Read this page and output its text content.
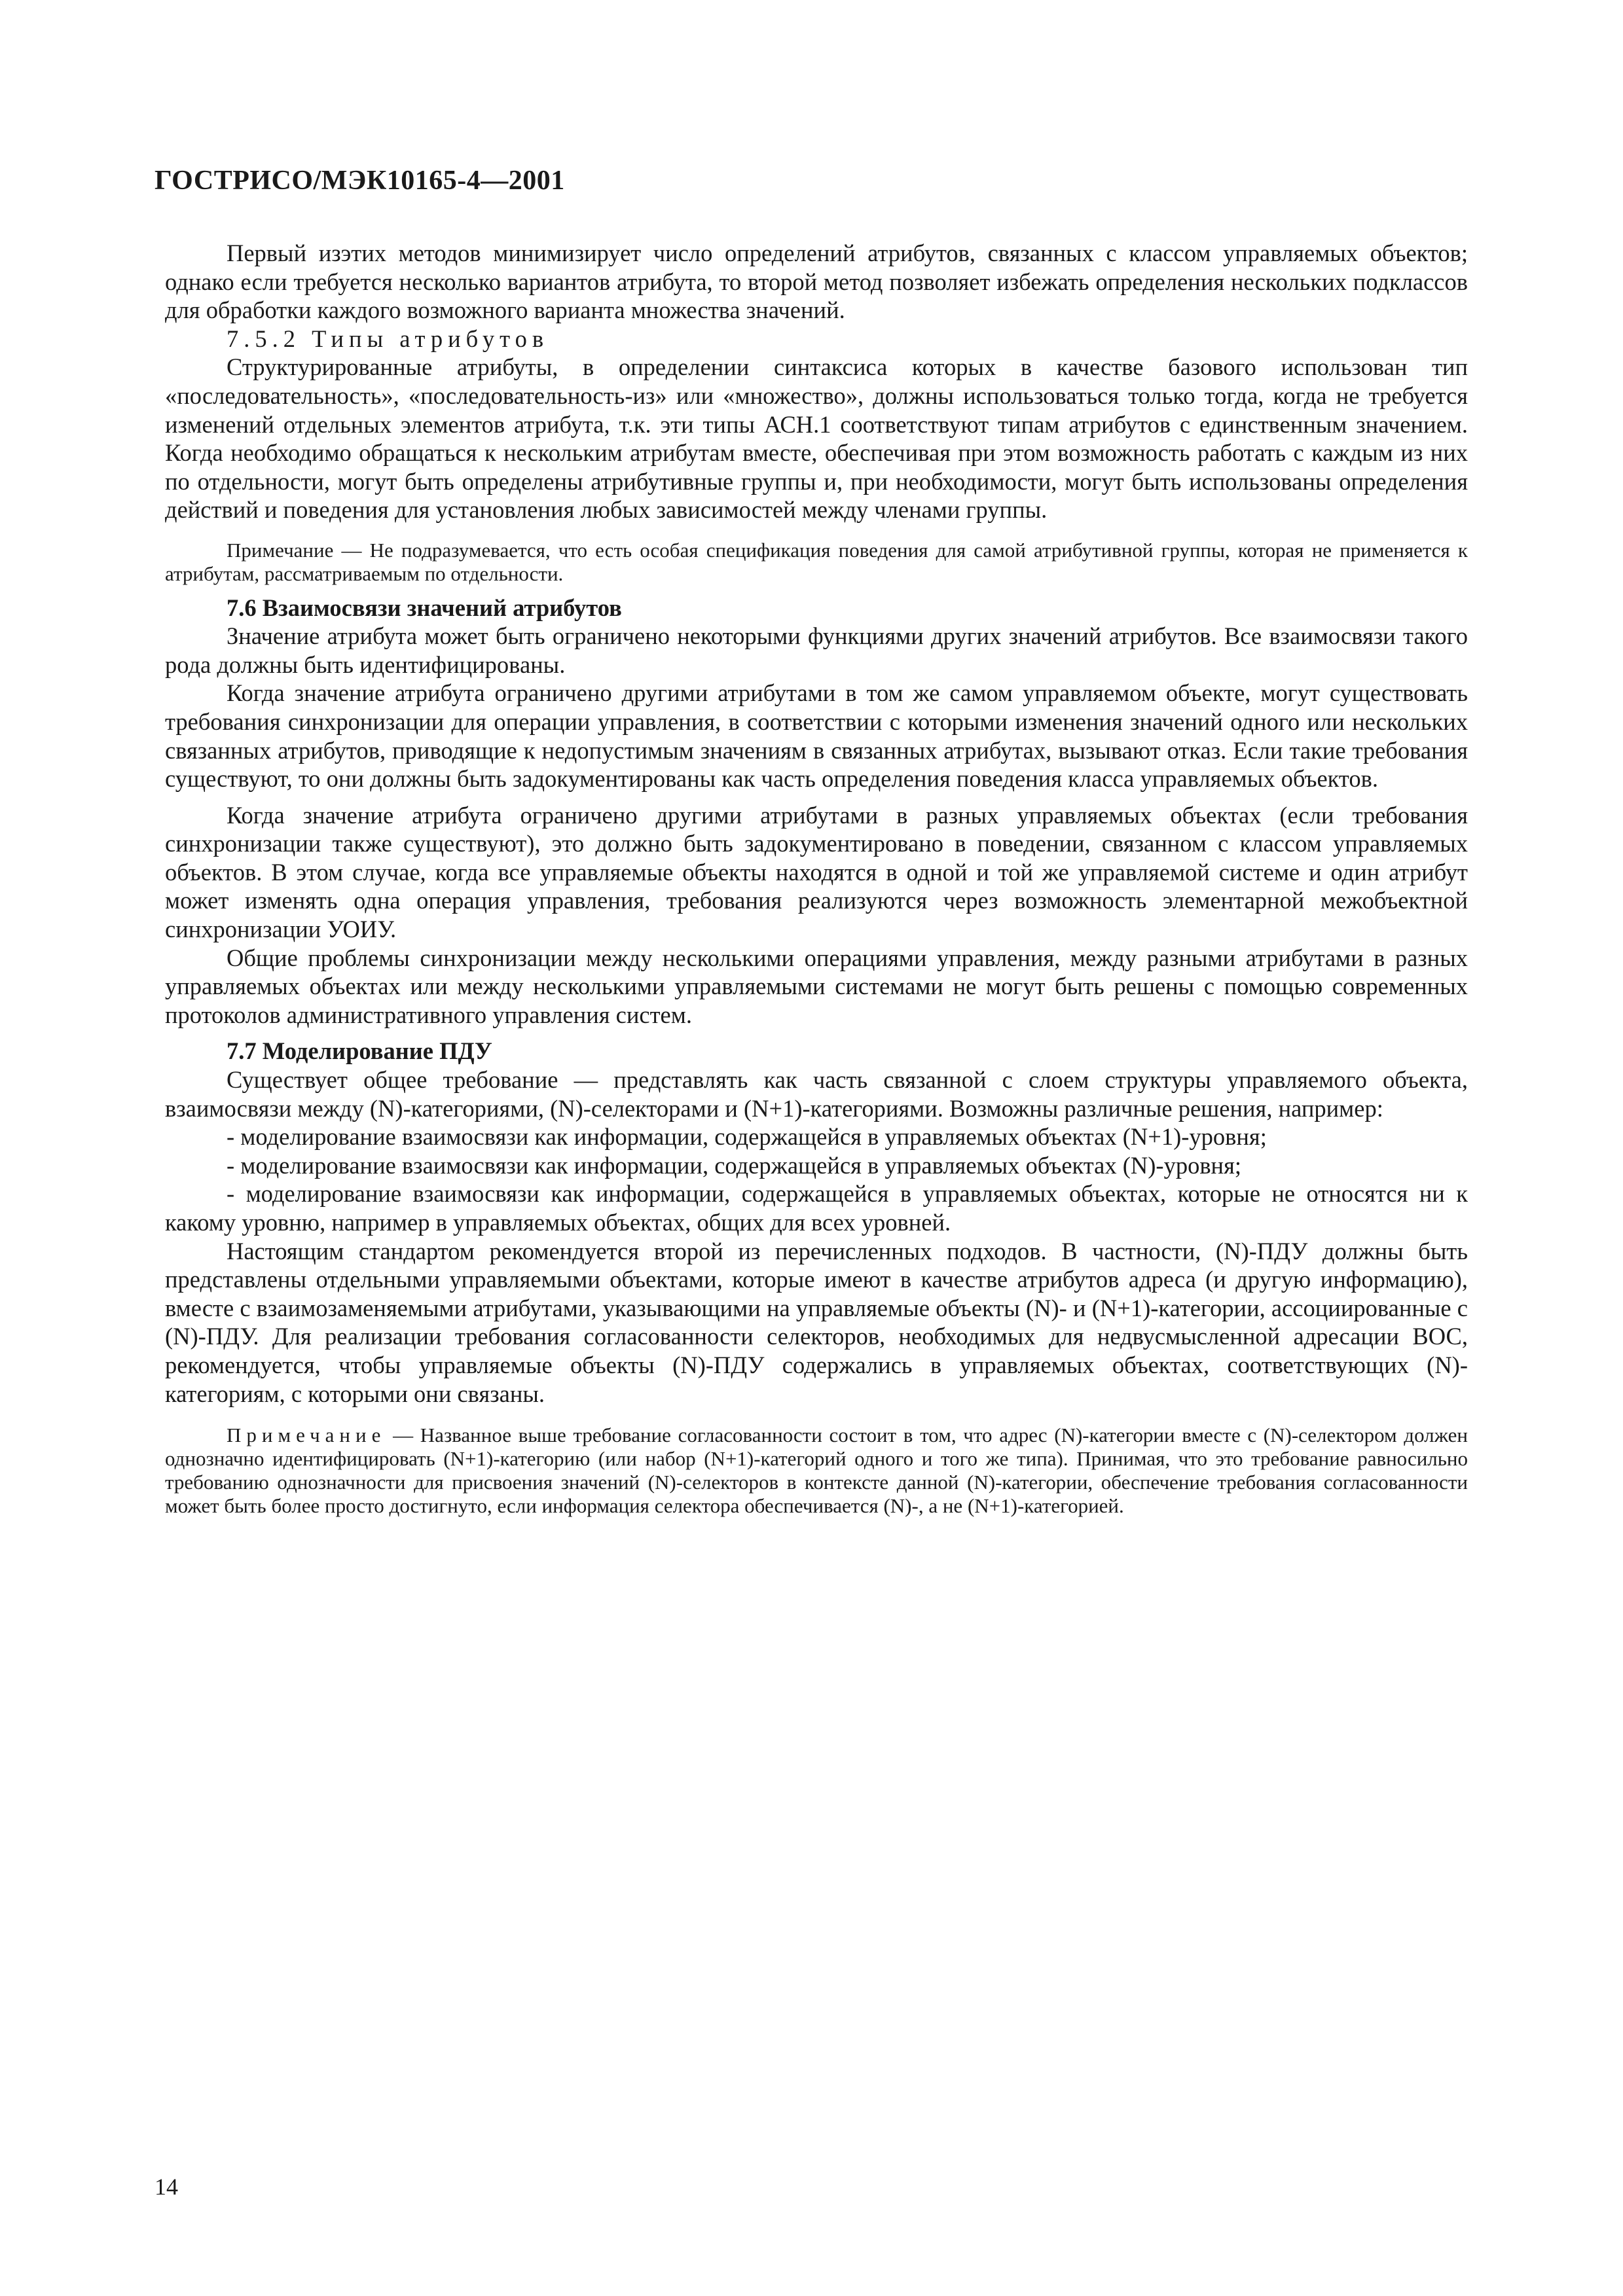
ГОСТРИСО/МЭК10165-4—2001

Первый изэтих методов минимизирует число определений атрибутов, связанных с классом управляемых объектов; однако если требуется несколько вариантов атрибута, то второй метод позволяет избежать определения нескольких подклассов для обработки каждого возможного варианта множества значений.

7.5.2 Типы атрибутов

Структурированные атрибуты, в определении синтаксиса которых в качестве базового использован тип «последовательность», «последовательность-из» или «множество», должны использоваться только тогда, когда не требуется изменений отдельных элементов атрибута, т.к. эти типы АСН.1 соответствуют типам атрибутов с единственным значением. Когда необходимо обращаться к нескольким атрибутам вместе, обеспечивая при этом возможность работать с каждым из них по отдельности, могут быть определены атрибутивные группы и, при необходимости, могут быть использованы определения действий и поведения для установления любых зависимостей между членами группы.

Примечание — Не подразумевается, что есть особая спецификация поведения для самой атрибутивной группы, которая не применяется к атрибутам, рассматриваемым по отдельности.

7.6 Взаимосвязи значений атрибутов

Значение атрибута может быть ограничено некоторыми функциями других значений атрибутов. Все взаимосвязи такого рода должны быть идентифицированы.

Когда значение атрибута ограничено другими атрибутами в том же самом управляемом объекте, могут существовать требования синхронизации для операции управления, в соответствии с которыми изменения значений одного или нескольких связанных атрибутов, приводящие к недопустимым значениям в связанных атрибутах, вызывают отказ. Если такие требования существуют, то они должны быть задокументированы как часть определения поведения класса управляемых объектов.

Когда значение атрибута ограничено другими атрибутами в разных управляемых объектах (если требования синхронизации также существуют), это должно быть задокументировано в поведении, связанном с классом управляемых объектов. В этом случае, когда все управляемые объекты находятся в одной и той же управляемой системе и один атрибут может изменять одна операция управления, требования реализуются через возможность элементарной межобъектной синхронизации УОИУ.

Общие проблемы синхронизации между несколькими операциями управления, между разными атрибутами в разных управляемых объектах или между несколькими управляемыми системами не могут быть решены с помощью современных протоколов административного управления систем.

7.7 Моделирование ПДУ

Существует общее требование — представлять как часть связанной с слоем структуры управляемого объекта, взаимосвязи между (N)-категориями, (N)-селекторами и (N+1)-категориями. Возможны различные решения, например:

- моделирование взаимосвязи как информации, содержащейся в управляемых объектах (N+1)-уровня;
- моделирование взаимосвязи как информации, содержащейся в управляемых объектах (N)-уровня;
- моделирование взаимосвязи как информации, содержащейся в управляемых объектах, которые не относятся ни к какому уровню, например в управляемых объектах, общих для всех уровней.

Настоящим стандартом рекомендуется второй из перечисленных подходов. В частности, (N)-ПДУ должны быть представлены отдельными управляемыми объектами, которые имеют в качестве атрибутов адреса (и другую информацию), вместе с взаимозаменяемыми атрибутами, указывающими на управляемые объекты (N)- и (N+1)-категории, ассоциированные с (N)-ПДУ. Для реализации требования согласованности селекторов, необходимых для недвусмысленной адресации ВОС, рекомендуется, чтобы управляемые объекты (N)-ПДУ содержались в управляемых объектах, соответствующих (N)-категориям, с которыми они связаны.

Примечание — Названное выше требование согласованности состоит в том, что адрес (N)-категории вместе с (N)-селектором должен однозначно идентифицировать (N+1)-категорию (или набор (N+1)-категорий одного и того же типа). Принимая, что это требование равносильно требованию однозначности для присвоения значений (N)-селекторов в контексте данной (N)-категории, обеспечение требования согласованности может быть более просто достигнуто, если информация селектора обеспечивается (N)-, а не (N+1)-категорией.

14
